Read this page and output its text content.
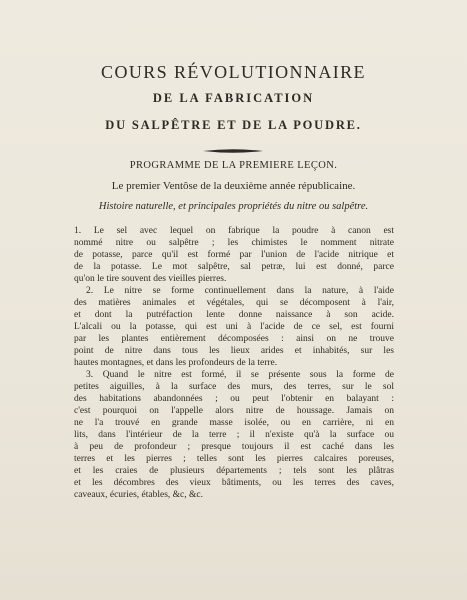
COURS RÉVOLUTIONNAIRE
DE LA FABRICATION
DU SALPÊTRE ET DE LA POUDRE.
PROGRAMME DE LA PREMIERE LEÇON.
Le premier Ventôse de la deuxième année républicaine.
Histoire naturelle, et principales propriétés du nitre ou salpêtre.
1. Le sel avec lequel on fabrique la poudre à canon est
nommé nitre ou salpêtre ; les chimistes le nomment nitrate
de potasse, parce qu'il est formé par l'union de l'acide nitrique et
de la potasse. Le mot salpêtre, sal petræ, lui est donné, parce
qu'on le tire souvent des vieilles pierres.
2. Le nitre se forme continuellement dans la nature, à l'aide
des matières animales et végétales, qui se décomposent à l'air,
et dont la putréfaction lente donne naissance à son acide.
L'alcali ou la potasse, qui est uni à l'acide de ce sel, est fourni
par les plantes entièrement décomposées : ainsi on ne trouve
point de nitre dans tous les lieux arides et inhabités, sur les
hautes montagnes, et dans les profondeurs de la terre.
3. Quand le nitre est formé, il se présente sous la forme de
petites aiguilles, à la surface des murs, des terres, sur le sol
des habitations abandonnées ; ou peut l'obtenir en balayant :
c'est pourquoi on l'appelle alors nitre de houssage. Jamais on
ne l'a trouvé en grande masse isolée, ou en carrière, ni en
lits, dans l'intérieur de la terre ; il n'existe qu'à la surface ou
à peu de profondeur ; presque toujours il est caché dans les
terres et les pierres ; telles sont les pierres calcaires poreuses,
et les craies de plusieurs départements ; tels sont les plâtras
et les décombres des vieux bâtiments, ou les terres des caves,
caveaux, écuries, étables, &c, &c.
